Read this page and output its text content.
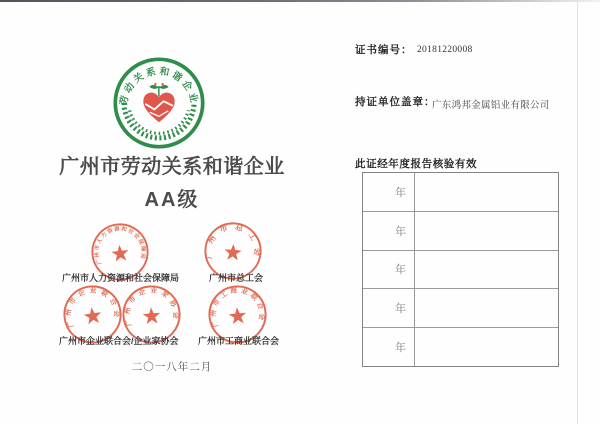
劳动关系和谐企业
广州市劳动关系和谐企业
AA级
广州市人力资源和社会保障局	广州市总工会
广州市企业联合会/企业家协会 广州市工商业联合会
广州市人力资源和社会保障局	广州市总工会
广州市企业联合会 广州市企业家协会	广州市工商业联合会
二〇一八年二月
证书编号： 20181220008
持证单位盖章：
广东鸿邦金属铝业有限公司
此证经年度报告核验有效
年
年
年
年
年
